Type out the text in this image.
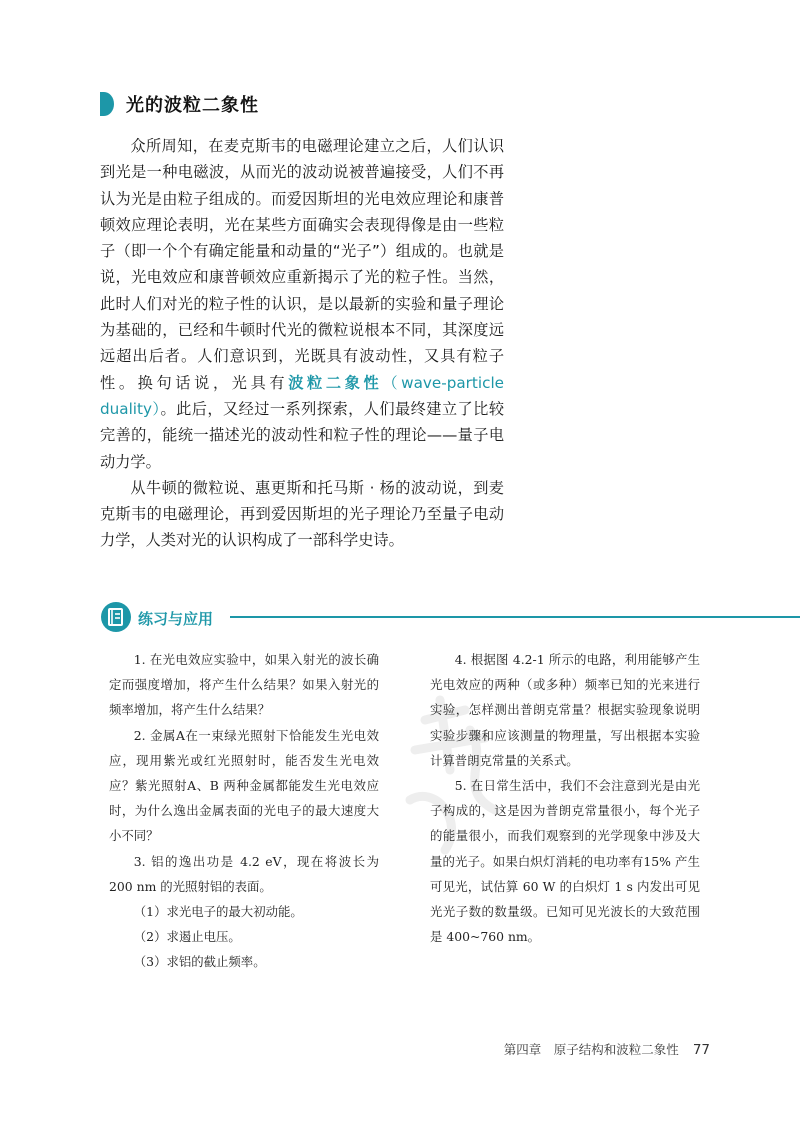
光的波粒二象性

众所周知，在麦克斯韦的电磁理论建立之后，人们认识到光是一种电磁波，从而光的波动说被普遍接受，人们不再认为光是由粒子组成的。而爱因斯坦的光电效应理论和康普顿效应理论表明，光在某些方面确实会表现得像是由一些粒子（即一个个有确定能量和动量的“光子”）组成的。也就是说，光电效应和康普顿效应重新揭示了光的粒子性。当然，此时人们对光的粒子性的认识，是以最新的实验和量子理论为基础的，已经和牛顿时代光的微粒说根本不同，其深度远远超出后者。人们意识到，光既具有波动性，又具有粒子性。换句话说，光具有波粒二象性（wave-particle duality）。此后，又经过一系列探索，人们最终建立了比较完善的，能统一描述光的波动性和粒子性的理论——量子电动力学。

从牛顿的微粒说、惠更斯和托马斯 · 杨的波动说，到麦克斯韦的电磁理论，再到爱因斯坦的光子理论乃至量子电动力学，人类对光的认识构成了一部科学史诗。

练习与应用

1. 在光电效应实验中，如果入射光的波长确定而强度增加，将产生什么结果？如果入射光的频率增加，将产生什么结果？

2. 金属A在一束绿光照射下恰能发生光电效应，现用紫光或红光照射时，能否发生光电效应？紫光照射A、B 两种金属都能发生光电效应时，为什么逸出金属表面的光电子的最大速度大小不同？

3. 铝的逸出功是 4.2 eV，现在将波长为 200 nm 的光照射铝的表面。

（1）求光电子的最大初动能。

（2）求遏止电压。

（3）求铝的截止频率。

4. 根据图 4.2-1 所示的电路，利用能够产生光电效应的两种（或多种）频率已知的光来进行实验，怎样测出普朗克常量？根据实验现象说明实验步骤和应该测量的物理量，写出根据本实验计算普朗克常量的关系式。

5. 在日常生活中，我们不会注意到光是由光子构成的，这是因为普朗克常量很小，每个光子的能量很小，而我们观察到的光学现象中涉及大量的光子。如果白炽灯消耗的电功率有15% 产生可见光，试估算 60 W 的白炽灯 1 s 内发出可见光光子数的数量级。已知可见光波长的大致范围是 400~760 nm。

第四章　原子结构和波粒二象性 77
